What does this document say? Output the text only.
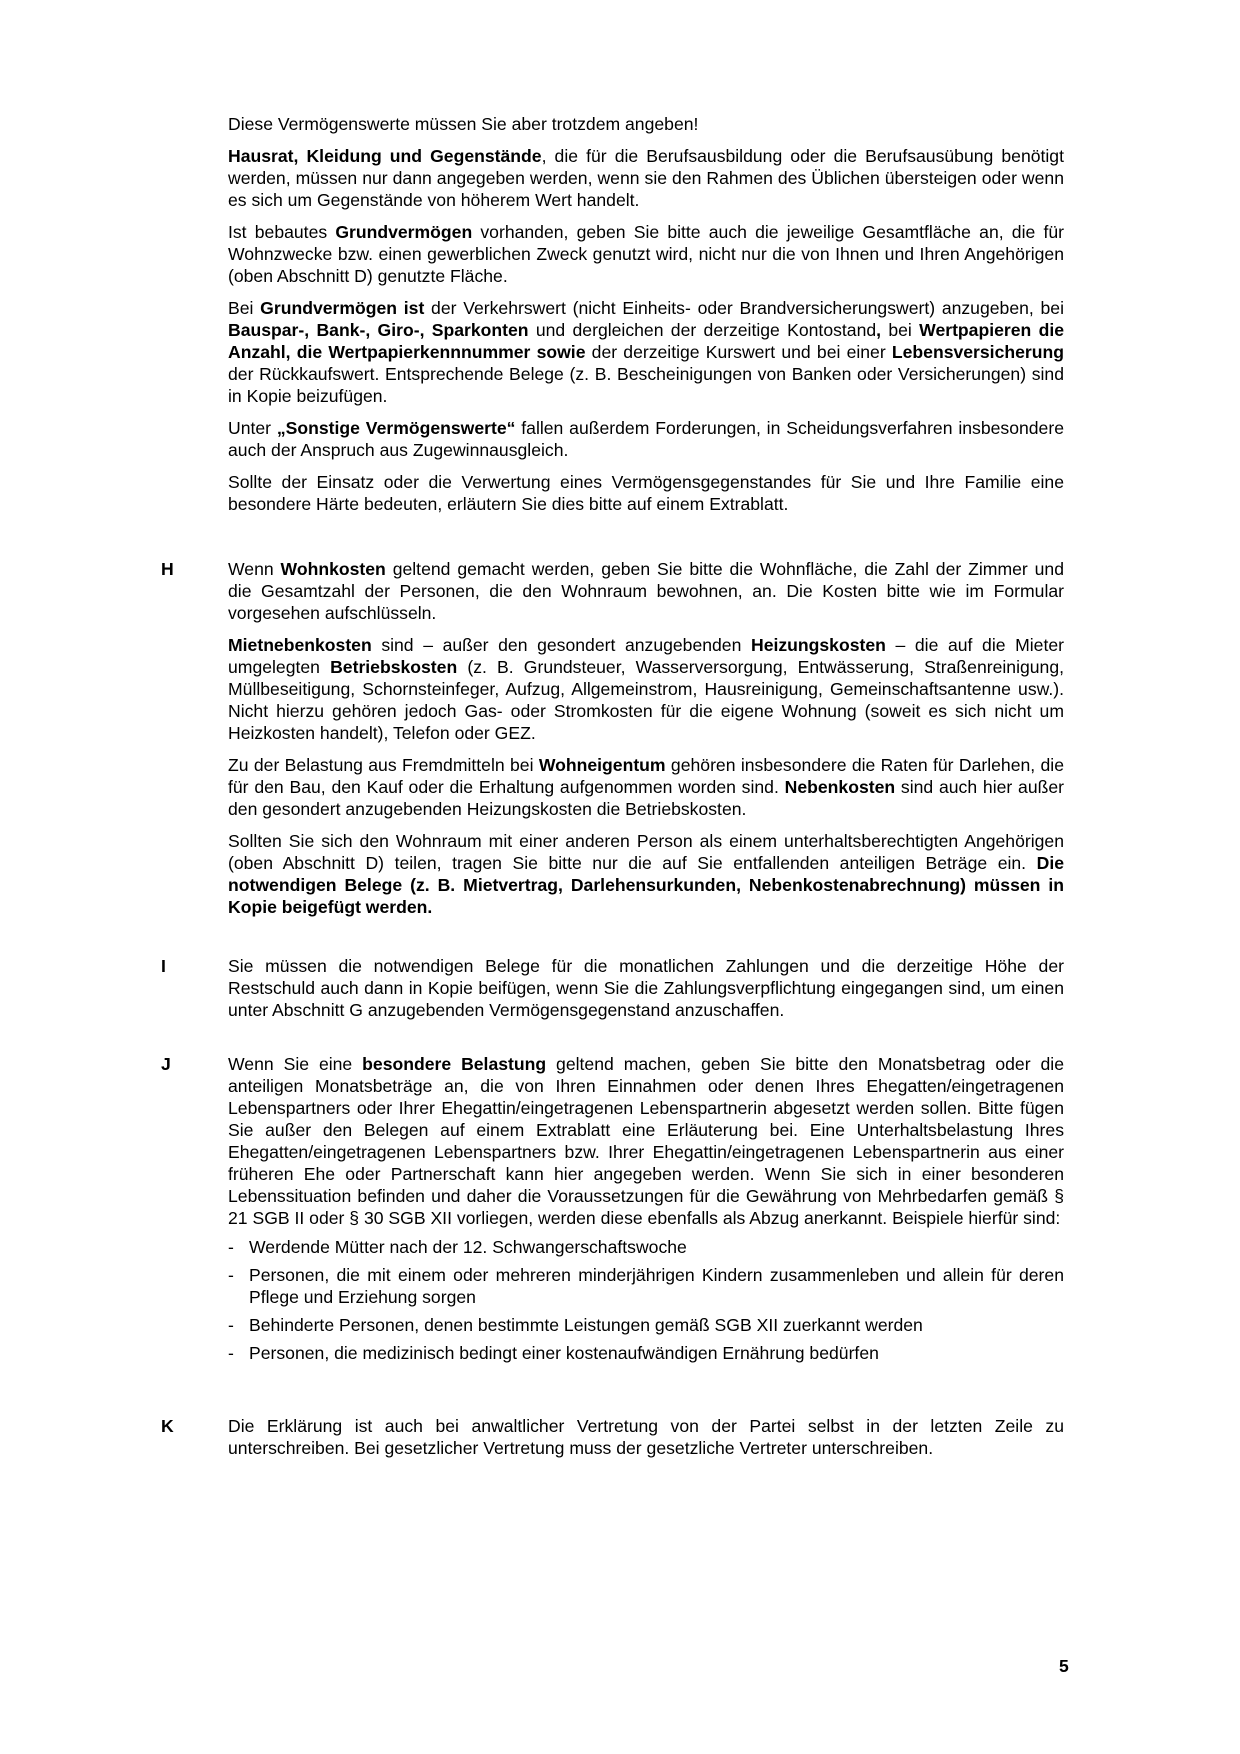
Diese Vermögenswerte müssen Sie aber trotzdem angeben!

Hausrat, Kleidung und Gegenstände, die für die Berufsausbildung oder die Berufsausübung benötigt werden, müssen nur dann angegeben werden, wenn sie den Rahmen des Üblichen übersteigen oder wenn es sich um Gegenstände von höherem Wert handelt.

Ist bebautes Grundvermögen vorhanden, geben Sie bitte auch die jeweilige Gesamtfläche an, die für Wohnzwecke bzw. einen gewerblichen Zweck genutzt wird, nicht nur die von Ihnen und Ihren Angehörigen (oben Abschnitt D) genutzte Fläche.

Bei Grundvermögen ist der Verkehrswert (nicht Einheits- oder Brandversicherungswert) anzugeben, bei Bauspar-, Bank-, Giro-, Sparkonten und dergleichen der derzeitige Kontostand, bei Wertpapieren die Anzahl, die Wertpapierkennnummer sowie der derzeitige Kurswert und bei einer Lebensversicherung der Rückkaufswert. Entsprechende Belege (z. B. Bescheinigungen von Banken oder Versicherungen) sind in Kopie beizufügen.

Unter „Sonstige Vermögenswerte“ fallen außerdem Forderungen, in Scheidungsverfahren insbesondere auch der Anspruch aus Zugewinnausgleich.

Sollte der Einsatz oder die Verwertung eines Vermögensgegenstandes für Sie und Ihre Familie eine besondere Härte bedeuten, erläutern Sie dies bitte auf einem Extrablatt.

H	Wenn Wohnkosten geltend gemacht werden, geben Sie bitte die Wohnfläche, die Zahl der Zimmer und die Gesamtzahl der Personen, die den Wohnraum bewohnen, an. Die Kosten bitte wie im Formular vorgesehen aufschlüsseln.

Mietnebenkosten sind – außer den gesondert anzugebenden Heizungskosten – die auf die Mieter umgelegten Betriebskosten (z. B. Grundsteuer, Wasserversorgung, Entwässerung, Straßenreinigung, Müllbeseitigung, Schornsteinfeger, Aufzug, Allgemeinstrom, Hausreinigung, Gemeinschaftsantenne usw.). Nicht hierzu gehören jedoch Gas- oder Stromkosten für die eigene Wohnung (soweit es sich nicht um Heizkosten handelt), Telefon oder GEZ.

Zu der Belastung aus Fremdmitteln bei Wohneigentum gehören insbesondere die Raten für Darlehen, die für den Bau, den Kauf oder die Erhaltung aufgenommen worden sind. Nebenkosten sind auch hier außer den gesondert anzugebenden Heizungskosten die Betriebskosten.

Sollten Sie sich den Wohnraum mit einer anderen Person als einem unterhaltsberechtigten Angehörigen (oben Abschnitt D) teilen, tragen Sie bitte nur die auf Sie entfallenden anteiligen Beträge ein. Die notwendigen Belege (z. B. Mietvertrag, Darlehensurkunden, Nebenkostenabrechnung) müssen in Kopie beigefügt werden.

I	Sie müssen die notwendigen Belege für die monatlichen Zahlungen und die derzeitige Höhe der Restschuld auch dann in Kopie beifügen, wenn Sie die Zahlungsverpflichtung eingegangen sind, um einen unter Abschnitt G anzugebenden Vermögensgegenstand anzuschaffen.

J	Wenn Sie eine besondere Belastung geltend machen, geben Sie bitte den Monatsbetrag oder die anteiligen Monatsbeträge an, die von Ihren Einnahmen oder denen Ihres Ehegatten/eingetragenen Lebenspartners oder Ihrer Ehegattin/eingetragenen Lebenspartnerin abgesetzt werden sollen. Bitte fügen Sie außer den Belegen auf einem Extrablatt eine Erläuterung bei. Eine Unterhaltsbelastung Ihres Ehegatten/eingetragenen Lebenspartners bzw. Ihrer Ehegattin/eingetragenen Lebenspartnerin aus einer früheren Ehe oder Partnerschaft kann hier angegeben werden. Wenn Sie sich in einer besonderen Lebenssituation befinden und daher die Voraussetzungen für die Gewährung von Mehrbedarfen gemäß § 21 SGB II oder § 30 SGB XII vorliegen, werden diese ebenfalls als Abzug anerkannt. Beispiele hierfür sind:

- Werdende Mütter nach der 12. Schwangerschaftswoche
- Personen, die mit einem oder mehreren minderjährigen Kindern zusammenleben und allein für deren Pflege und Erziehung sorgen
- Behinderte Personen, denen bestimmte Leistungen gemäß SGB XII zuerkannt werden
- Personen, die medizinisch bedingt einer kostenaufwändigen Ernährung bedürfen
K	Die Erklärung ist auch bei anwaltlicher Vertretung von der Partei selbst in der letzten Zeile zu unterschreiben. Bei gesetzlicher Vertretung muss der gesetzliche Vertreter unterschreiben.

5
